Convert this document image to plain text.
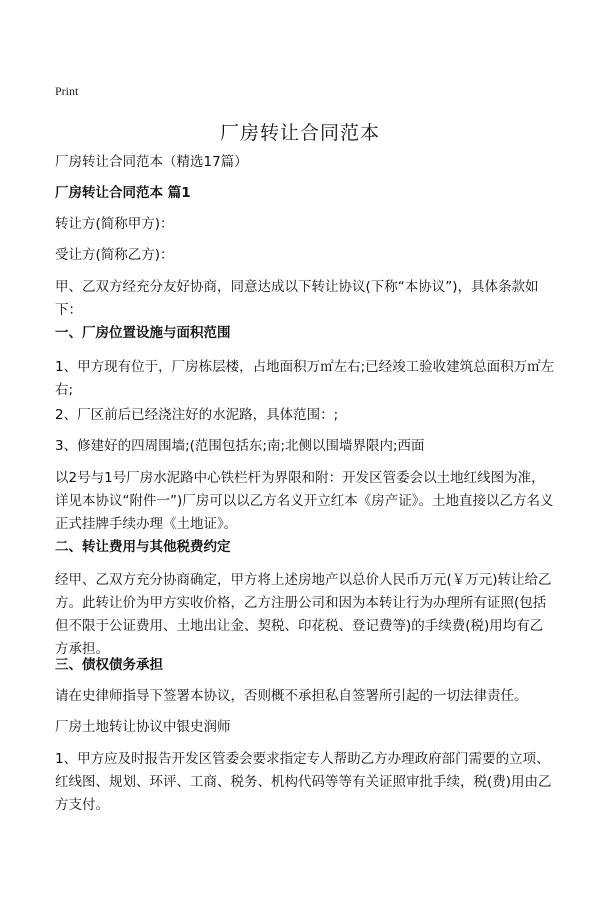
Print
厂房转让合同范本

厂房转让合同范本（精选17篇）

厂房转让合同范本 篇1

转让方(简称甲方)：

受让方(简称乙方)：

甲、乙双方经充分友好协商，同意达成以下转让协议(下称“本协议”)，具体条款如下：

一、厂房位置设施与面积范围

1、甲方现有位于，厂房栋层楼，占地面积万㎡左右;已经竣工验收建筑总面积万㎡左右;

2、厂区前后已经浇注好的水泥路，具体范围：;

3、修建好的四周围墙;(范围包括东;南;北侧以围墙界限内;西面

以2号与1号厂房水泥路中心铁栏杆为界限和附：开发区管委会以土地红线图为准，详见本协议“附件一”)厂房可以以乙方名义开立红本《房产证》。土地直接以乙方名义正式挂牌手续办理《土地证》。

二、转让费用与其他税费约定

经甲、乙双方充分协商确定，甲方将上述房地产以总价人民币万元(￥万元)转让给乙方。此转让价为甲方实收价格，乙方注册公司和因为本转让行为办理所有证照(包括但不限于公证费用、土地出让金、契税、印花税、登记费等)的手续费(税)用均有乙方承担。

三、债权债务承担

请在史律师指导下签署本协议，否则概不承担私自签署所引起的一切法律责任。

厂房土地转让协议中银史润师

1、甲方应及时报告开发区管委会要求指定专人帮助乙方办理政府部门需要的立项、红线图、规划、环评、工商、税务、机构代码等等有关证照审批手续，税(费)用由乙方支付。
